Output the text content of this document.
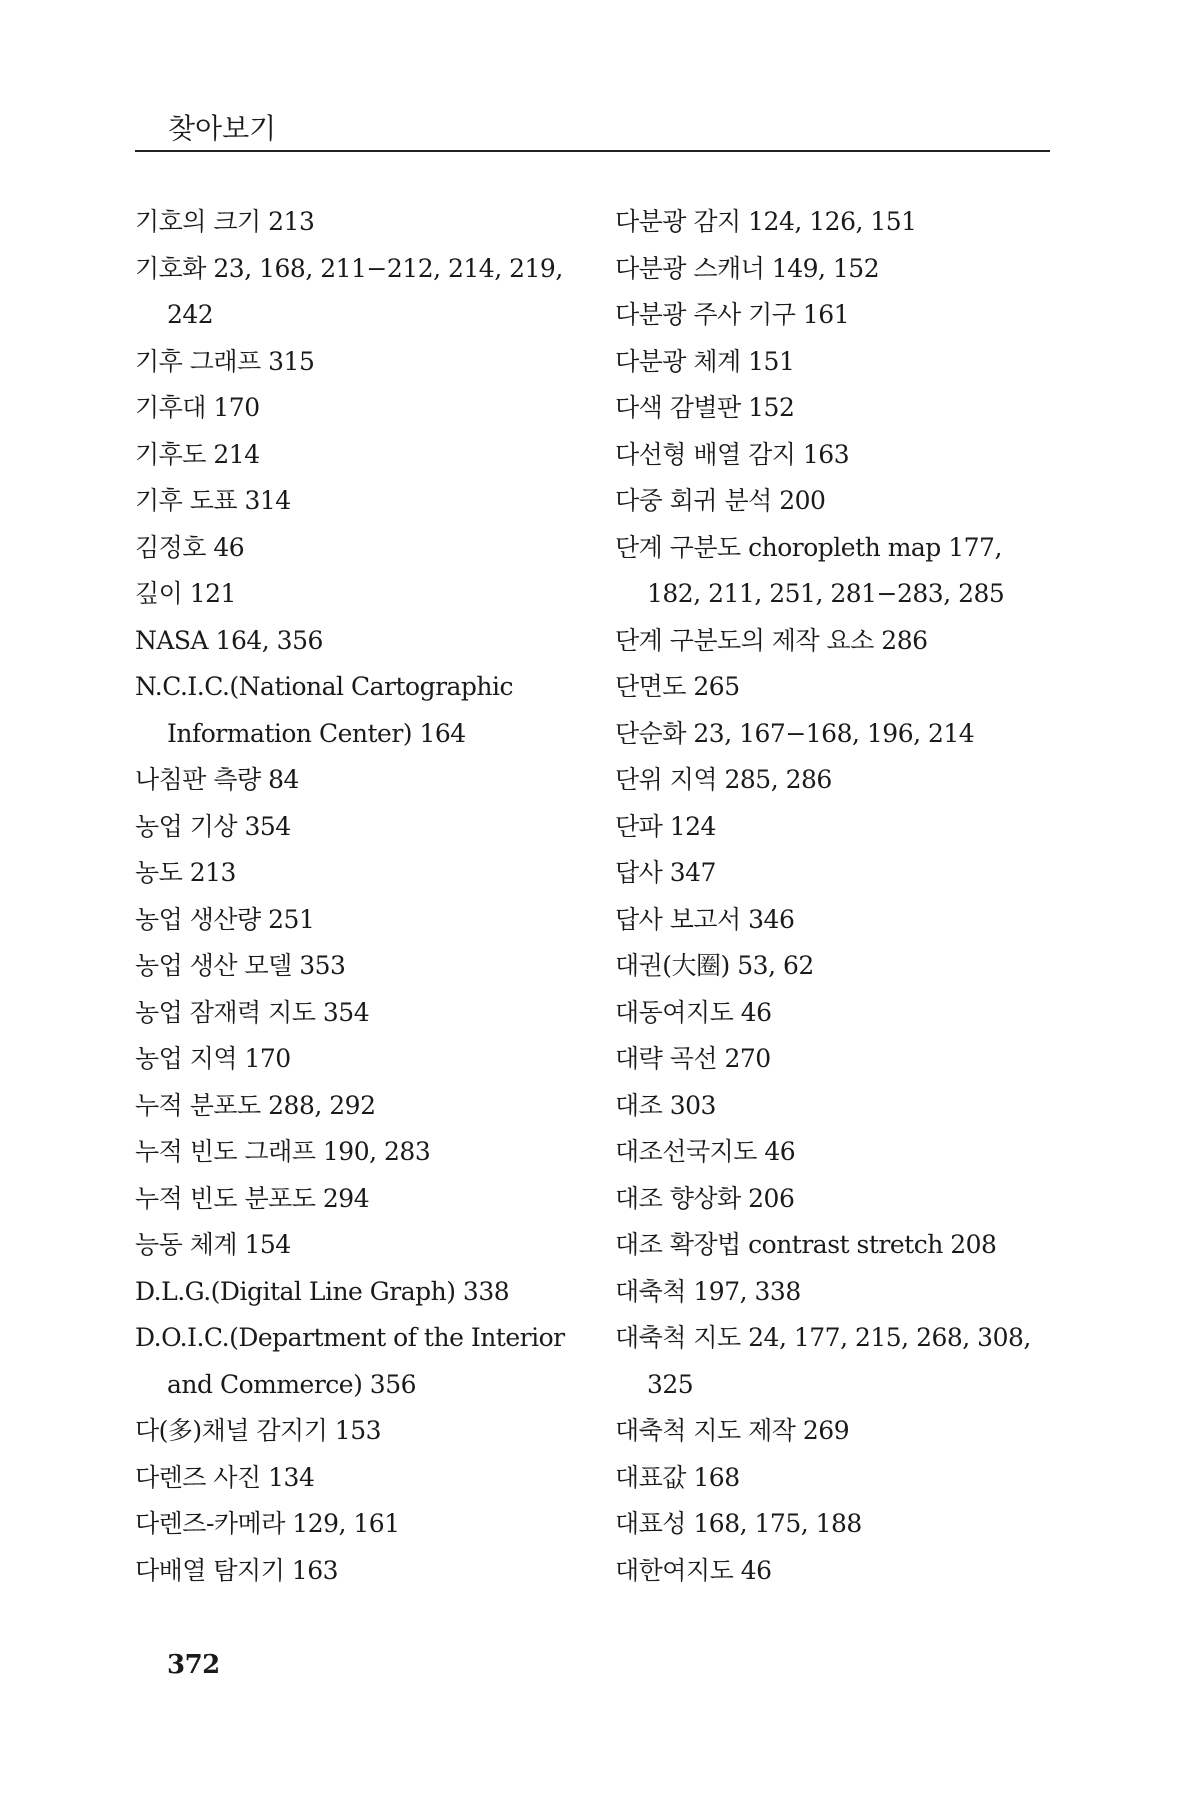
찾아보기
기호의 크기 213
기호화 23, 168, 211−212, 214, 219,
242
기후 그래프 315
기후대 170
기후도 214
기후 도표 314
김정호 46
깊이 121
NASA 164, 356
N.C.I.C.(National Cartographic
Information Center) 164
나침판 측량 84
농업 기상 354
농도 213
농업 생산량 251
농업 생산 모델 353
농업 잠재력 지도 354
농업 지역 170
누적 분포도 288, 292
누적 빈도 그래프 190, 283
누적 빈도 분포도 294
능동 체계 154
D.L.G.(Digital Line Graph) 338
D.O.I.C.(Department of the Interior
and Commerce) 356
다(多)채널 감지기 153
다렌즈 사진 134
다렌즈-카메라 129, 161
다배열 탐지기 163
다분광 감지 124, 126, 151
다분광 스캐너 149, 152
다분광 주사 기구 161
다분광 체계 151
다색 감별판 152
다선형 배열 감지 163
다중 회귀 분석 200
단계 구분도 choropleth map 177,
182, 211, 251, 281−283, 285
단계 구분도의 제작 요소 286
단면도 265
단순화 23, 167−168, 196, 214
단위 지역 285, 286
단파 124
답사 347
답사 보고서 346
대권(大圈) 53, 62
대동여지도 46
대략 곡선 270
대조 303
대조선국지도 46
대조 향상화 206
대조 확장법 contrast stretch 208
대축척 197, 338
대축척 지도 24, 177, 215, 268, 308,
325
대축척 지도 제작 269
대표값 168
대표성 168, 175, 188
대한여지도 46
372
